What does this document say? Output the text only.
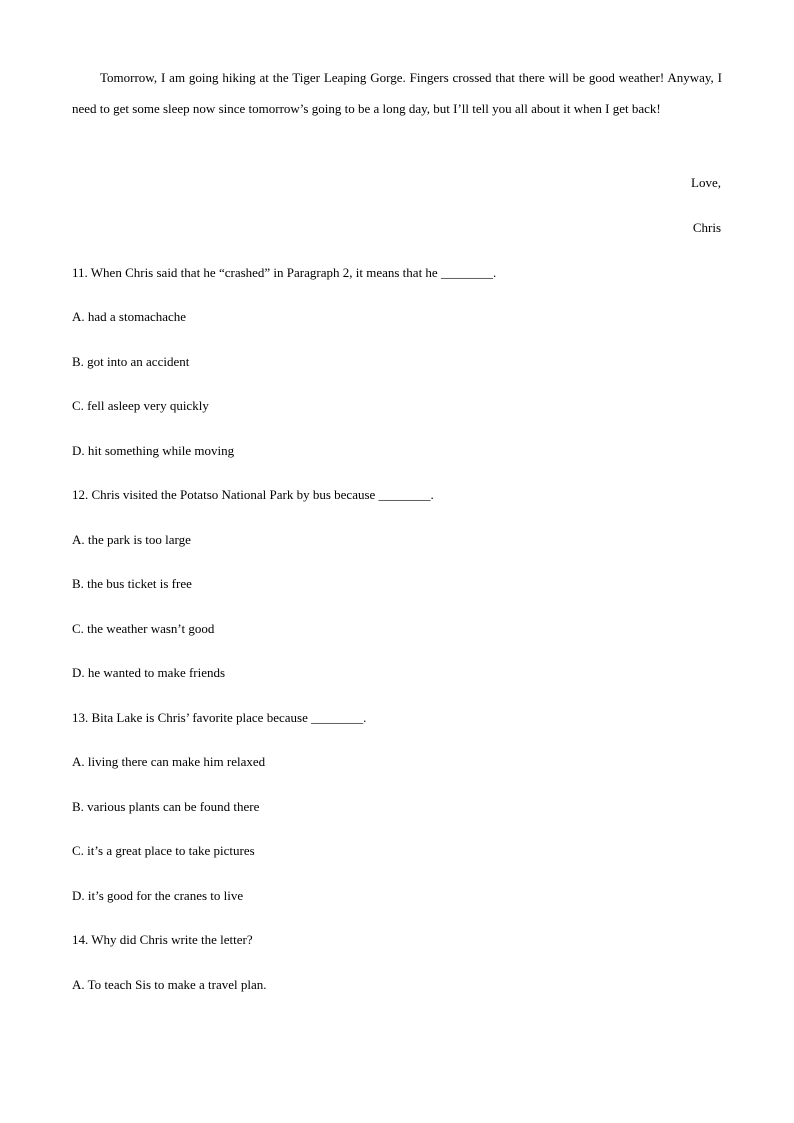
Tomorrow, I am going hiking at the Tiger Leaping Gorge. Fingers crossed that there will be good weather! Anyway, I need to get some sleep now since tomorrow’s going to be a long day, but I’ll tell you all about it when I get back!

Love,

Chris

11. When Chris said that he “crashed” in Paragraph 2, it means that he ________.

A. had a stomachache

B. got into an accident

C. fell asleep very quickly

D. hit something while moving

12. Chris visited the Potatso National Park by bus because ________.

A. the park is too large

B. the bus ticket is free

C. the weather wasn’t good

D. he wanted to make friends

13. Bita Lake is Chris’ favorite place because ________.

A. living there can make him relaxed

B. various plants can be found there

C. it’s a great place to take pictures

D. it’s good for the cranes to live

14. Why did Chris write the letter?

A. To teach Sis to make a travel plan.
